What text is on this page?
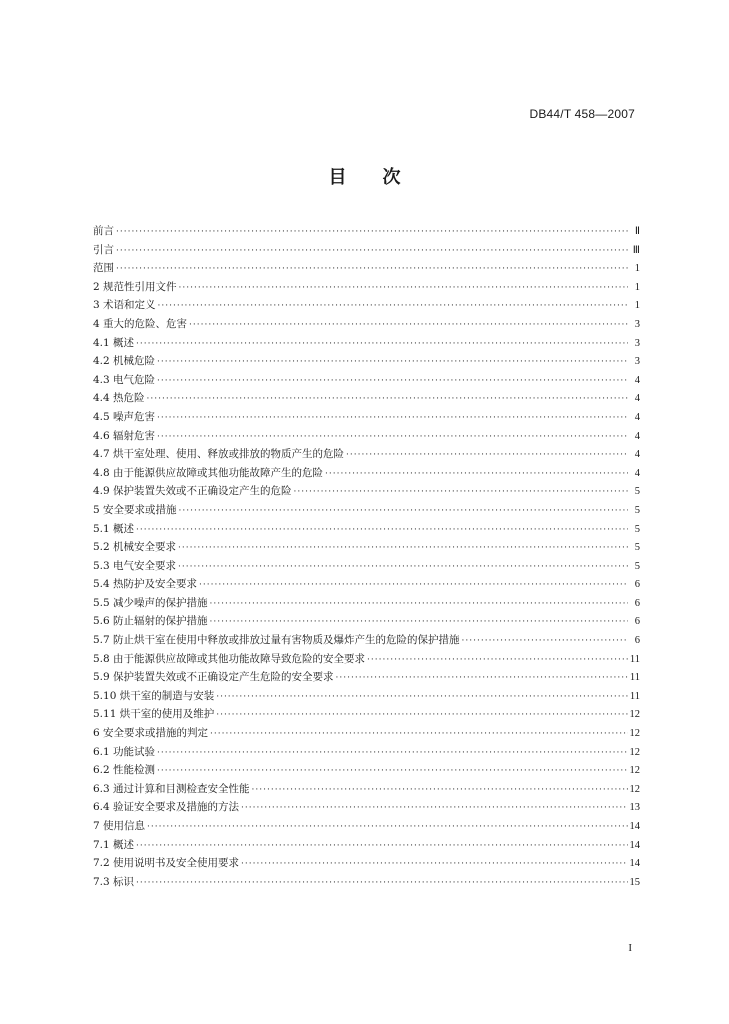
DB44/T 458—2007
目 次
前言 ·····	Ⅱ
引言 ·····	Ⅲ
范围 ·····	1
2 规范性引用文件 ·····	1
3 术语和定义 ·····	1
4 重大的危险、危害 ·····	3
4.1 概述 ·····	3
4.2 机械危险 ·····	3
4.3 电气危险 ·····	4
4.4 热危险 ·····	4
4.5 噪声危害 ·····	4
4.6 辐射危害 ·····	4
4.7 烘干室处理、使用、释放或排放的物质产生的危险 ·····	4
4.8 由于能源供应故障或其他功能故障产生的危险 ·····	4
4.9 保护装置失效或不正确设定产生的危险 ·····	5
5 安全要求或措施 ·····	5
5.1 概述 ·····	5
5.2 机械安全要求 ·····	5
5.3 电气安全要求 ·····	5
5.4 热防护及安全要求 ·····	6
5.5 减少噪声的保护措施 ·····	6
5.6 防止辐射的保护措施 ·····	6
5.7 防止烘干室在使用中释放或排放过量有害物质及爆炸产生的危险的保护措施 ·····	6
5.8 由于能源供应故障或其他功能故障导致危险的安全要求 ·····	11
5.9 保护装置失效或不正确设定产生危险的安全要求 ·····	11
5.10 烘干室的制造与安装 ·····	11
5.11 烘干室的使用及维护 ·····	12
6 安全要求或措施的判定 ·····	12
6.1 功能试验 ·····	12
6.2 性能检测 ·····	12
6.3 通过计算和目测检查安全性能 ·····	12
6.4 验证安全要求及措施的方法 ·····	13
7 使用信息 ·····	14
7.1 概述 ·····	14
7.2 使用说明书及安全使用要求 ·····	14
7.3 标识 ·····	15
I
